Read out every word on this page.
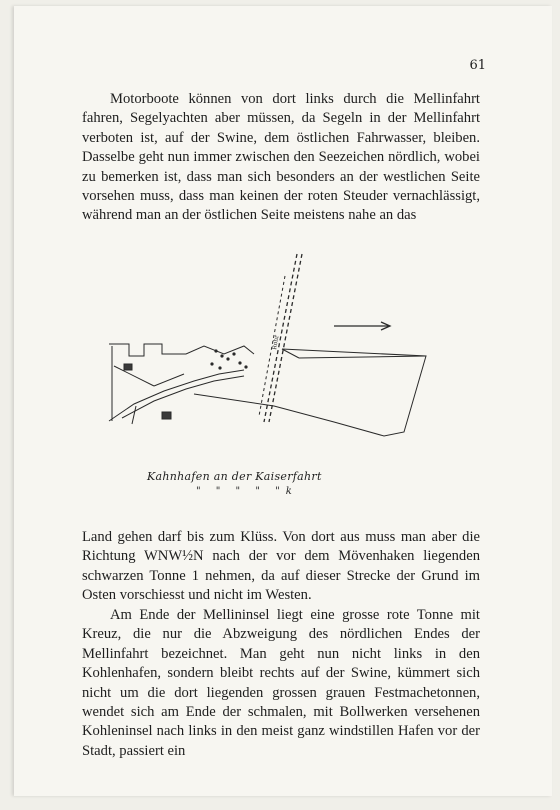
61

Motorboote können von dort links durch die Mellinfahrt fahren, Segelyachten aber müssen, da Segeln in der Mellinfahrt verboten ist, auf der Swine, dem östlichen Fahrwasser, bleiben. Dasselbe geht nun immer zwischen den Seezeichen nördlich, wobei zu bemerken ist, dass man sich besonders an der westlichen Seite vorsehen muss, dass man keinen der roten Steuder vernachlässigt, während man an der östlichen Seite meistens nahe an das

Rohr
Kahnhafen an der Kaiserfahrt
" " " " "k

Land gehen darf bis zum Klüss. Von dort aus muss man aber die Richtung WNW½N nach der vor dem Mövenhaken liegenden schwarzen Tonne 1 nehmen, da auf dieser Strecke der Grund im Osten vorschiesst und nicht im Westen.

Am Ende der Mellininsel liegt eine grosse rote Tonne mit Kreuz, die nur die Abzweigung des nördlichen Endes der Mellinfahrt bezeichnet. Man geht nun nicht links in den Kohlenhafen, sondern bleibt rechts auf der Swine, kümmert sich nicht um die dort liegenden grossen grauen Festmachetonnen, wendet sich am Ende der schmalen, mit Bollwerken versehenen Kohleninsel nach links in den meist ganz windstillen Hafen vor der Stadt, passiert ein
